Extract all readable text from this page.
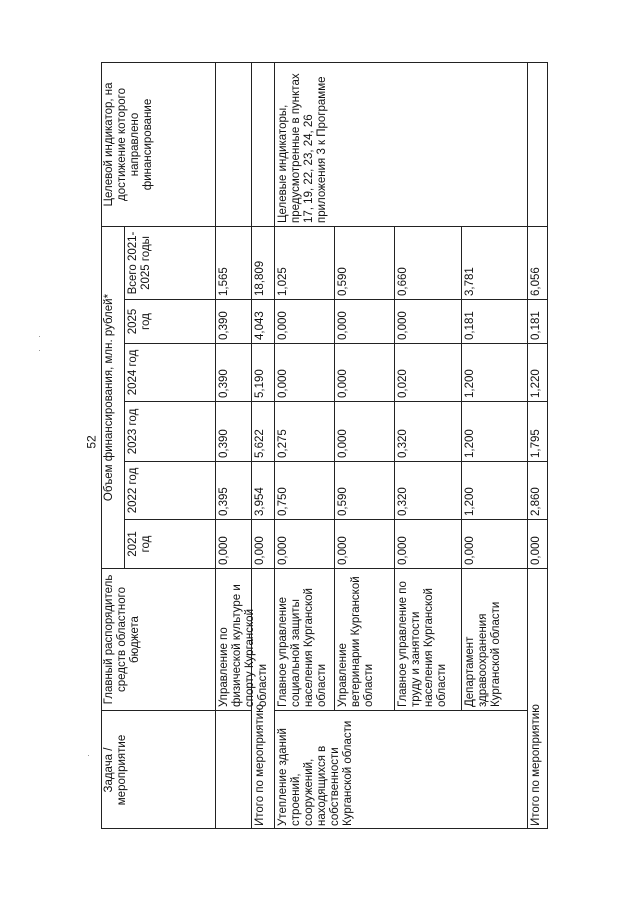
52
Задача / мероприятие
Главный распорядитель средств областного бюджета
Объем финансирования, млн. рублей*
Целевой индикатор, на достижение которого направлено финансирование
2021 год
2022 год
2023 год
2024 год
2025 год
Всего 2021-2025 годы
Управление по физической культуре и спорту Курганской области
0,000
0,395
0,390
0,390
0,390
1,565
Итого по мероприятию
0,000
3,954
5,622
5,190
4,043
18,809
Утепление зданий строений, сооружений, находящихся в собственности Курганской области
Целевые индикаторы, предусмотренные в пунктах 17, 19, 22, 23, 24, 26 приложения 3 к Программе
Главное управление социальной защиты населения Курганской области
0,000
0,750
0,275
0,000
0,000
1,025
Управление ветеринарии Курганской области
0,000
0,590
0,000
0,000
0,000
0,590
Главное управление по труду и занятости населения Курганской области
0,000
0,320
0,320
0,020
0,000
0,660
Департамент здравоохранения Курганской области
0,000
1,200
1,200
1,200
0,181
3,781
Итого по мероприятию
0,000
2,860
1,795
1,220
0,181
6,056
